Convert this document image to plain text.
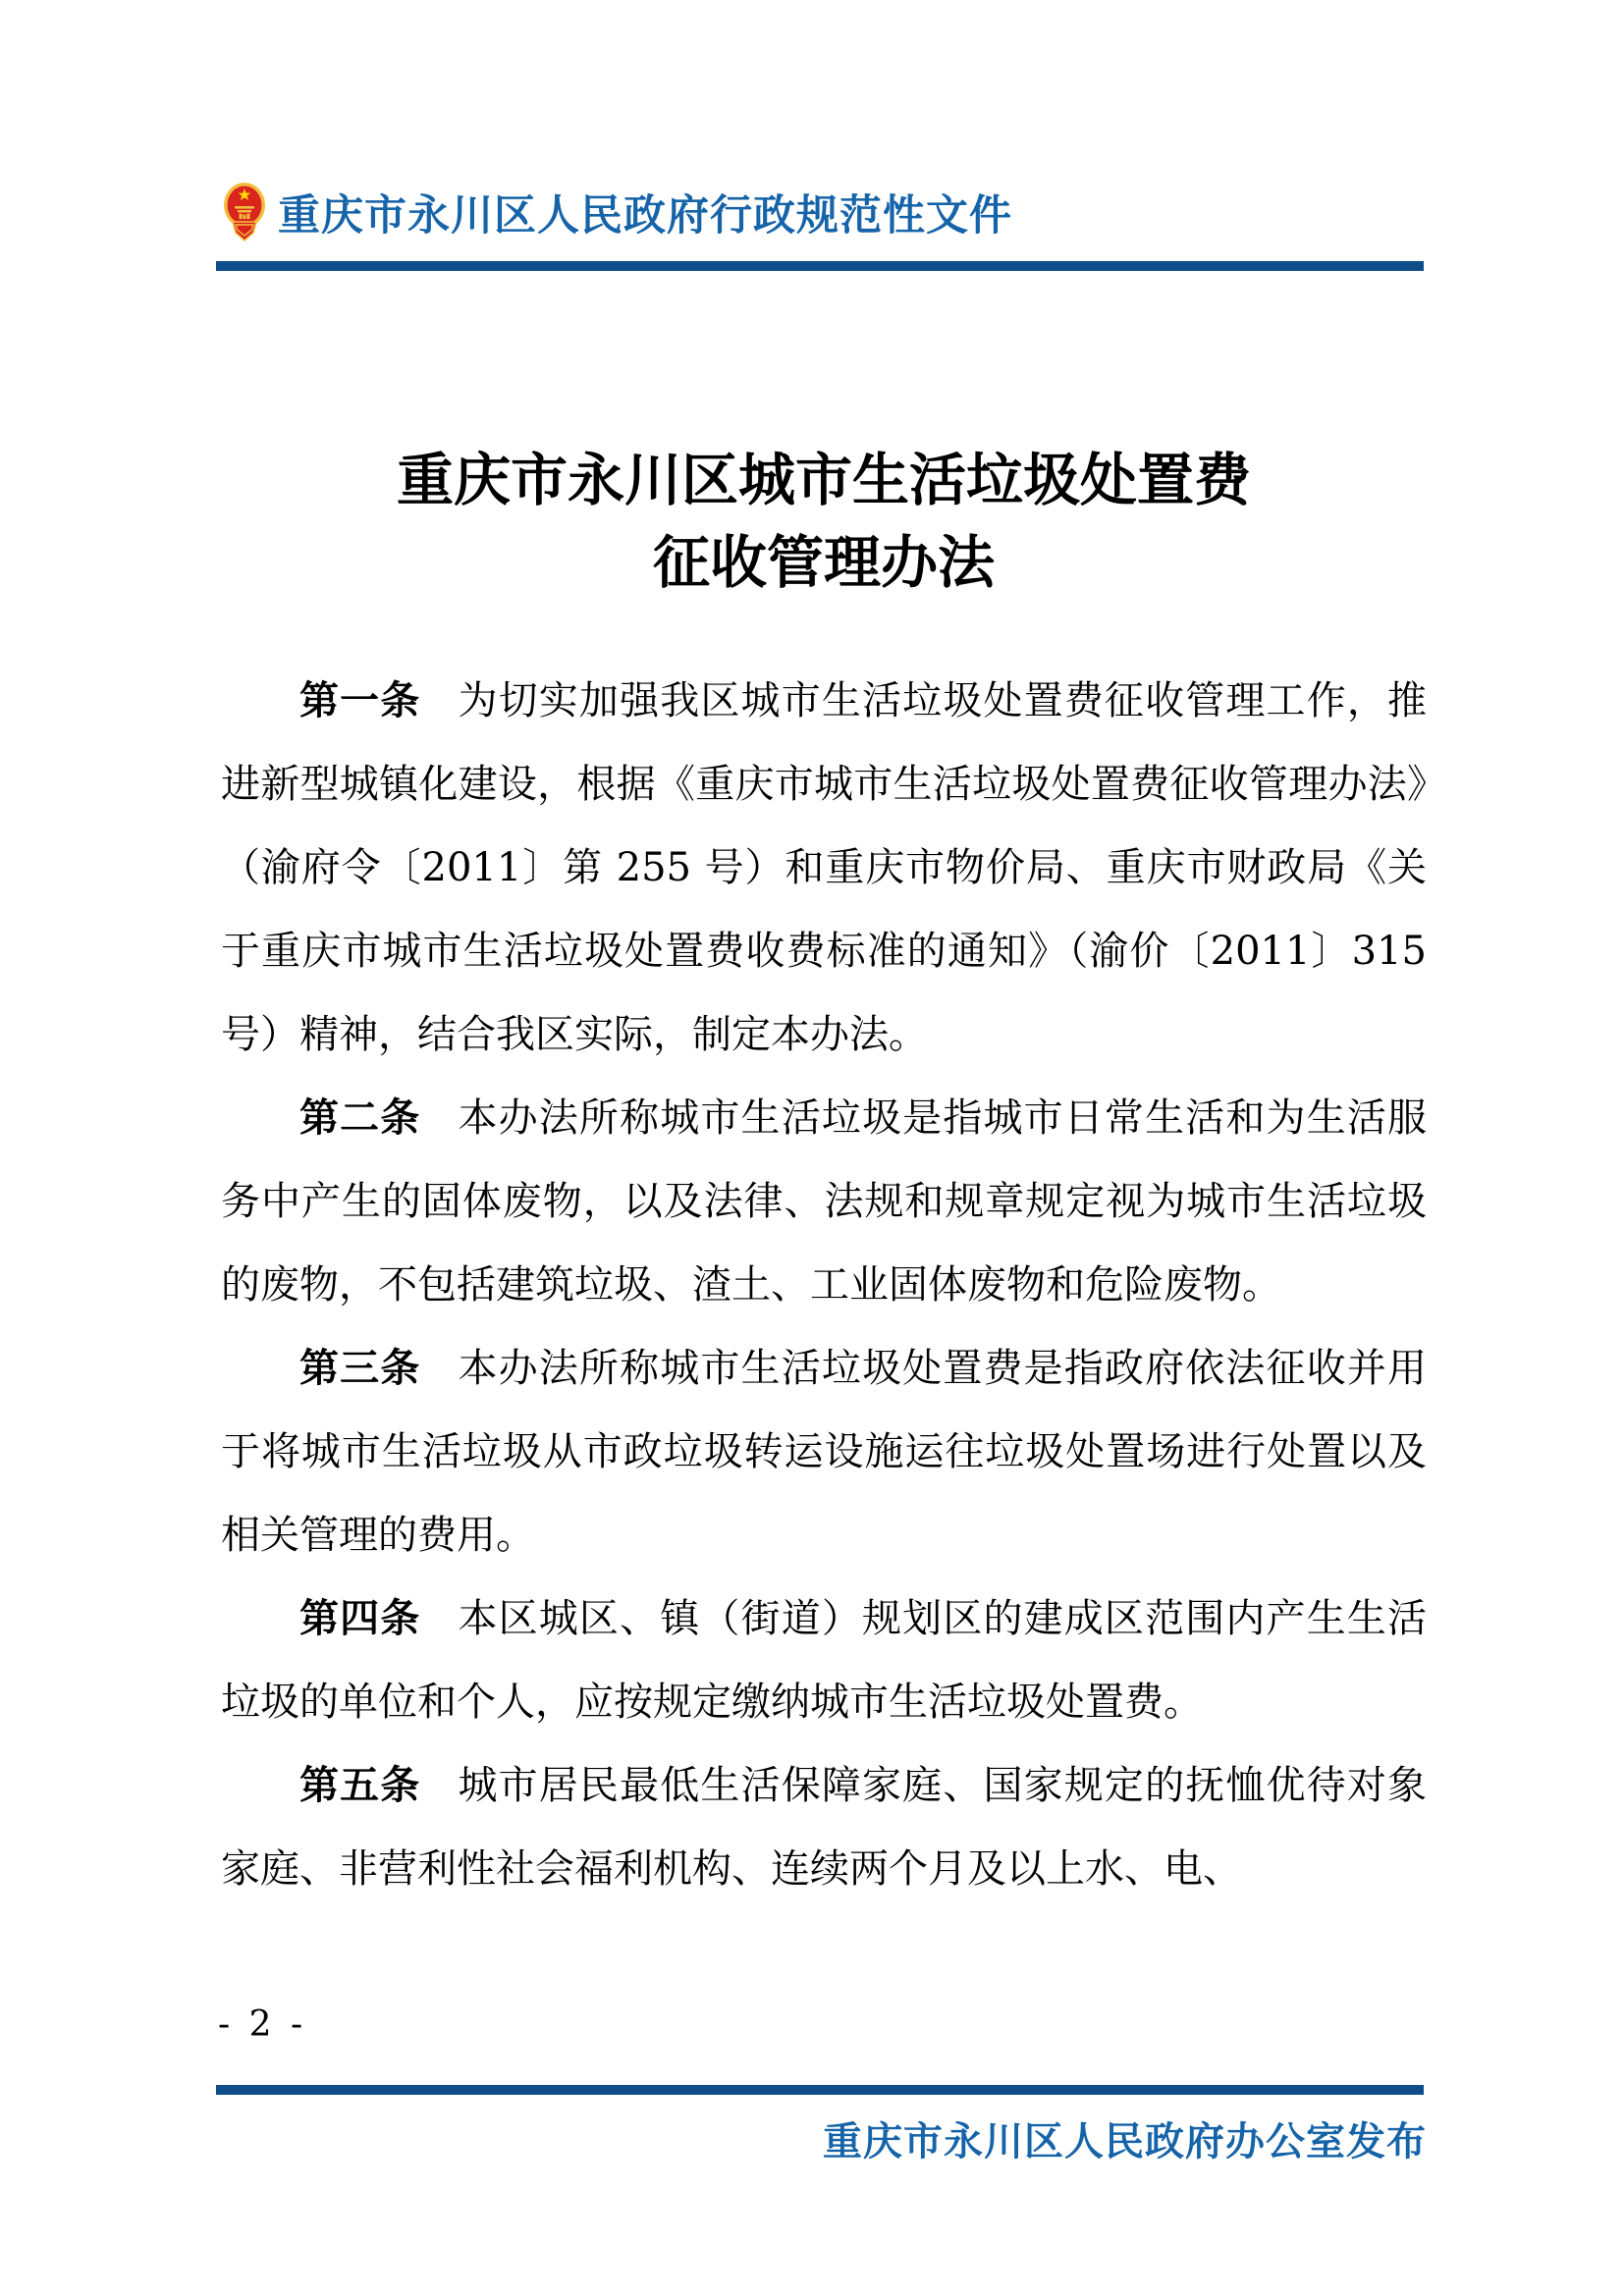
重庆市永川区人民政府行政规范性文件
重庆市永川区城市生活垃圾处置费
征收管理办法

第一条 为切实加强我区城市生活垃圾处置费征收管理工作，推进新型城镇化建设，根据《重庆市城市生活垃圾处置费征收管理办法》（渝府令〔2011〕第 255 号）和重庆市物价局、重庆市财政局《关于重庆市城市生活垃圾处置费收费标准的通知》（渝价〔2011〕315 号）精神，结合我区实际，制定本办法。

第二条 本办法所称城市生活垃圾是指城市日常生活和为生活服务中产生的固体废物，以及法律、法规和规章规定视为城市生活垃圾的废物，不包括建筑垃圾、渣土、工业固体废物和危险废物。

第三条 本办法所称城市生活垃圾处置费是指政府依法征收并用于将城市生活垃圾从市政垃圾转运设施运往垃圾处置场进行处置以及相关管理的费用。

第四条 本区城区、镇（街道）规划区的建成区范围内产生生活垃圾的单位和个人，应按规定缴纳城市生活垃圾处置费。

第五条 城市居民最低生活保障家庭、国家规定的抚恤优待对象家庭、非营利性社会福利机构、连续两个月及以上水、电、

- 2 -
重庆市永川区人民政府办公室发布
